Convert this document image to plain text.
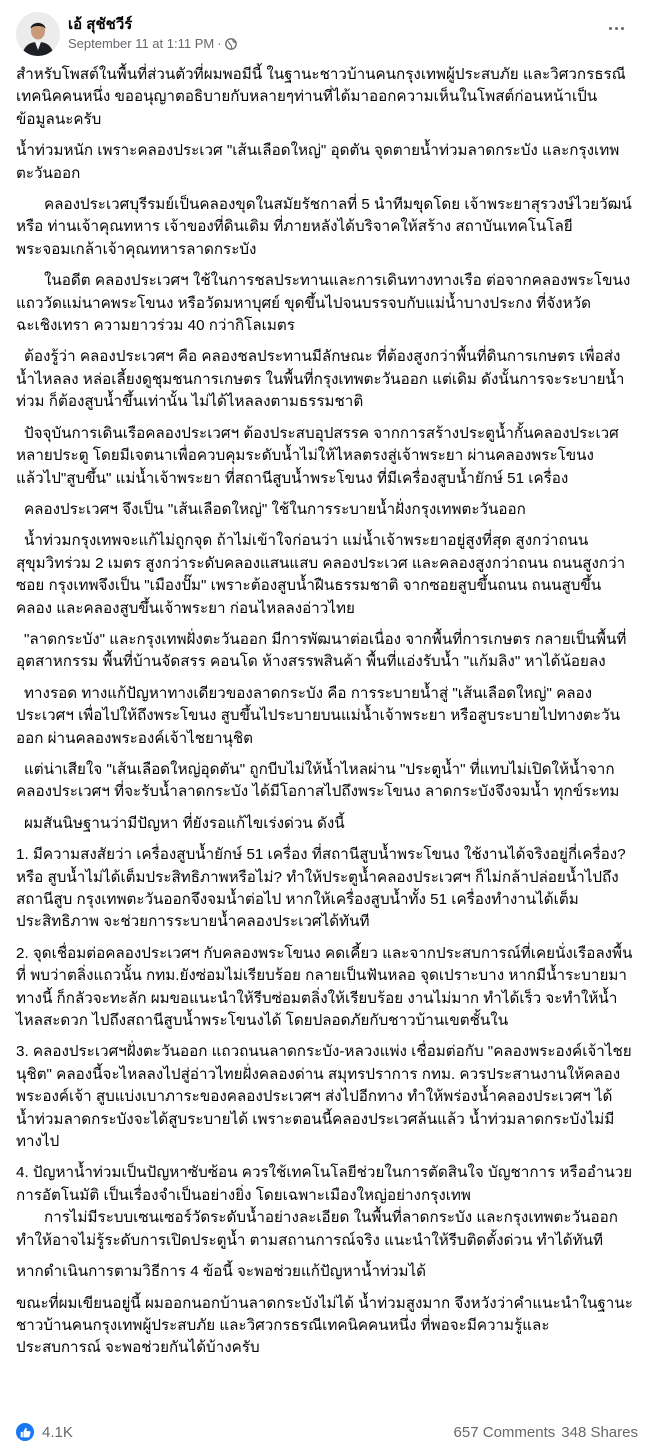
เอ้ สุชัชวีร์
September 11 at 1:11 PM ·

สำหรับโพสต์ในพื้นที่ส่วนตัวที่ผมพอมีนี้ ในฐานะชาวบ้านคนกรุงเทพผู้ประสบภัย และวิศวกรธรณีเทคนิคคนหนึ่ง ขออนุญาตอธิบายกับหลายๆท่านที่ได้มาออกความเห็นในโพสต์ก่อนหน้าเป็นข้อมูลนะครับ

น้ำท่วมหนัก เพราะคลองประเวศ "เส้นเลือดใหญ่" อุดตัน จุดตายน้ำท่วมลาดกระบัง และกรุงเทพตะวันออก

คลองประเวศบุรีรมย์เป็นคลองขุดในสมัยรัชกาลที่ 5 นำทีมขุดโดย เจ้าพระยาสุรวงษ์ไวยวัฒน์ หรือ ท่านเจ้าคุณทหาร เจ้าของที่ดินเดิม ที่ภายหลังได้บริจาคให้สร้าง สถาบันเทคโนโลยีพระจอมเกล้าเจ้าคุณทหารลาดกระบัง

ในอดีต คลองประเวศฯ ใช้ในการชลประทานและการเดินทางทางเรือ ต่อจากคลองพระโขนงแถววัดแม่นาคพระโขนง หรือวัดมหาบุศย์ ขุดขึ้นไปจนบรรจบกับแม่น้ำบางประกง ที่จังหวัดฉะเชิงเทรา ความยาวร่วม 40 กว่ากิโลเมตร

ต้องรู้ว่า คลองประเวศฯ คือ คลองชลประทานมีลักษณะ ที่ต้องสูงกว่าพื้นที่ดินการเกษตร เพื่อส่งน้ำไหลลง หล่อเลี้ยงดูชุมชนการเกษตร ในพื้นที่กรุงเทพตะวันออก แต่เดิม ดังนั้นการจะระบายน้ำท่วม ก็ต้องสูบน้ำขึ้นเท่านั้น ไม่ได้ไหลลงตามธรรมชาติ

ปัจจุบันการเดินเรือคลองประเวศฯ ต้องประสบอุปสรรค จากการสร้างประตูน้ำกั้นคลองประเวศหลายประตู โดยมีเจตนาเพื่อควบคุมระดับน้ำไม่ให้ไหลตรงสู่เจ้าพระยา ผ่านคลองพระโขนง แล้วไป"สูบขึ้น" แม่น้ำเจ้าพระยา ที่สถานีสูบน้ำพระโขนง ที่มีเครื่องสูบน้ำยักษ์ 51 เครื่อง

คลองประเวศฯ จึงเป็น "เส้นเลือดใหญ่" ใช้ในการระบายน้ำฝั่งกรุงเทพตะวันออก

น้ำท่วมกรุงเทพจะแก้ไม่ถูกจุด ถ้าไม่เข้าใจก่อนว่า แม่น้ำเจ้าพระยาอยู่สูงที่สุด สูงกว่าถนนสุขุมวิทร่วม 2 เมตร สูงกว่าระดับคลองแสนแสบ คลองประเวศ และคลองสูงกว่าถนน ถนนสูงกว่าซอย กรุงเทพจึงเป็น "เมืองปั๊ม" เพราะต้องสูบน้ำฝืนธรรมชาติ จากซอยสูบขึ้นถนน ถนนสูบขึ้นคลอง และคลองสูบขึ้นเจ้าพระยา ก่อนไหลลงอ่าวไทย

"ลาดกระบัง" และกรุงเทพฝั่งตะวันออก มีการพัฒนาต่อเนื่อง จากพื้นที่การเกษตร กลายเป็นพื้นที่อุตสาหกรรม พื้นที่บ้านจัดสรร คอนโด ห้างสรรพสินค้า พื้นที่แอ่งรับน้ำ "แก้มลิง" หาได้น้อยลง

ทางรอด ทางแก้ปัญหาทางเดียวของลาดกระบัง คือ การระบายน้ำสู่ "เส้นเลือดใหญ่" คลองประเวศฯ เพื่อไปให้ถึงพระโขนง สูบขึ้นไประบายบนแม่น้ำเจ้าพระยา หรือสูบระบายไปทางตะวันออก ผ่านคลองพระองค์เจ้าไชยานุชิต

แต่น่าเสียใจ "เส้นเลือดใหญ่อุดตัน" ถูกบีบไม่ให้น้ำไหลผ่าน "ประตูน้ำ" ที่แทบไม่เปิดให้น้ำจากคลองประเวศฯ ที่จะรับน้ำลาดกระบัง ได้มีโอกาสไปถึงพระโขนง ลาดกระบังจึงจมน้ำ ทุกข์ระทม

ผมสันนิษฐานว่ามีปัญหา ที่ยังรอแก้ไขเร่งด่วน ดังนี้

1. มีความสงสัยว่า เครื่องสูบน้ำยักษ์ 51 เครื่อง ที่สถานีสูบน้ำพระโขนง ใช้งานได้จริงอยู่กี่เครื่อง? หรือ สูบน้ำไม่ได้เต็มประสิทธิภาพหรือไม่? ทำให้ประตูน้ำคลองประเวศฯ ก็ไม่กล้าปล่อยน้ำไปถึงสถานีสูบ กรุงเทพตะวันออกจึงจมน้ำต่อไป หากให้เครื่องสูบน้ำทั้ง 51 เครื่องทำงานได้เต็มประสิทธิภาพ จะช่วยการระบายน้ำคลองประเวศได้ทันที

2. จุดเชื่อมต่อคลองประเวศฯ กับคลองพระโขนง คดเคี้ยว และจากประสบการณ์ที่เคยนั่งเรือลงพื้นที่ พบว่าตลิ่งแถวนั้น กทม.ยังซ่อมไม่เรียบร้อย กลายเป็นฟันหลอ จุดเปราะบาง หากมีน้ำระบายมาทางนี้ ก็กลัวจะทะลัก ผมขอแนะนำให้รีบซ่อมตลิ่งให้เรียบร้อย งานไม่มาก ทำได้เร็ว จะทำให้น้ำไหลสะดวก ไปถึงสถานีสูบน้ำพระโขนงได้ โดยปลอดภัยกับชาวบ้านเขตชั้นใน

3. คลองประเวศฯฝั่งตะวันออก แถวถนนลาดกระบัง-หลวงแพ่ง เชื่อมต่อกับ "คลองพระองค์เจ้าไชยนุชิต" คลองนี้จะไหลลงไปสู่อ่าวไทยฝั่งคลองด่าน สมุทรปราการ กทม. ควรประสานงานให้คลองพระองค์เจ้า สูบแบ่งเบาภาระของคลองประเวศฯ ส่งไปอีกทาง ทำให้พร่องน้ำคลองประเวศฯ ได้ น้ำท่วมลาดกระบังจะได้สูบระบายได้ เพราะตอนนี้คลองประเวศล้นแล้ว น้ำท่วมลาดกระบังไม่มีทางไป

4. ปัญหาน้ำท่วมเป็นปัญหาซับซ้อน ควรใช้เทคโนโลยีช่วยในการตัดสินใจ บัญชาการ หรืออำนวยการอัตโนมัติ เป็นเรื่องจำเป็นอย่างยิ่ง โดยเฉพาะเมืองใหญ่อย่างกรุงเทพ

การไม่มีระบบเซนเซอร์วัดระดับน้ำอย่างละเอียด ในพื้นที่ลาดกระบัง และกรุงเทพตะวันออกทำให้อาจไม่รู้ระดับการเปิดประตูน้ำ ตามสถานการณ์จริง แนะนำให้รีบติดตั้งด่วน ทำได้ทันที

หากดำเนินการตามวิธีการ 4 ข้อนี้ จะพอช่วยแก้ปัญหาน้ำท่วมได้

ขณะที่ผมเขียนอยู่นี้ ผมออกนอกบ้านลาดกระบังไม่ได้ น้ำท่วมสูงมาก จึงหวังว่าคำแนะนำในฐานะชาวบ้านคนกรุงเทพผู้ประสบภัย และวิศวกรธรณีเทคนิคคนหนึ่ง ที่พอจะมีความรู้และประสบการณ์ จะพอช่วยกันได้บ้างครับ

4.1K	657 Comments 348 Shares
